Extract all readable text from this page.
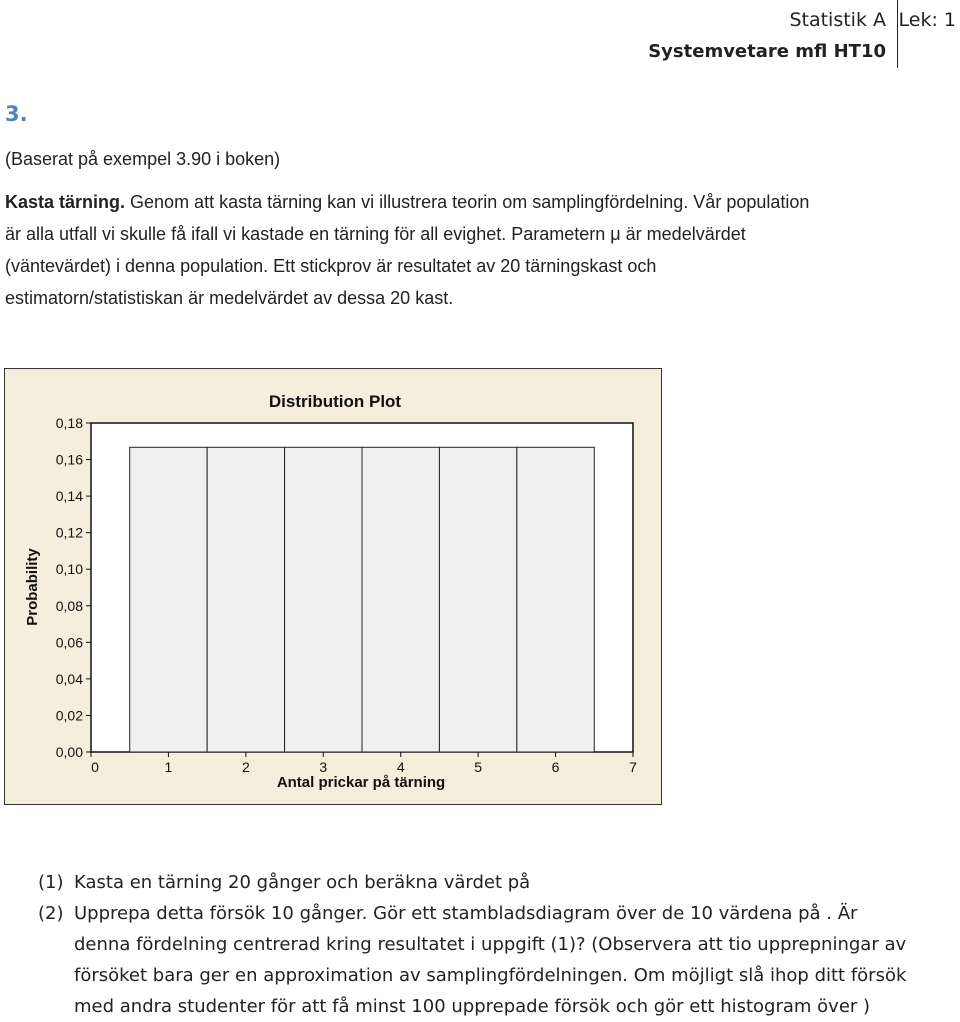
Statistik A
Systemvetare mfl HT10
Lek: 1
3.
(Baserat på exempel 3.90 i boken)
Kasta tärning. Genom att kasta tärning kan vi illustrera teorin om samplingfördelning. Vår population
är alla utfall vi skulle få ifall vi kastade en tärning för all evighet. Parametern μ är medelvärdet
(väntevärdet) i denna population. Ett stickprov är resultatet av 20 tärningskast och
estimatorn/statistiskan är medelvärdet av dessa 20 kast.
Distribution Plot
Probability
Antal prickar på tärning
0,00
0,02
0,04
0,06
0,08
0,10
0,12
0,14
0,16
0,18
0	1	2	3	4	5	6	7
(1) Kasta en tärning 20 gånger och beräkna värdet på
(2) Upprepa detta försök 10 gånger. Gör ett stambladsdiagram över de 10 värdena på . Är
denna fördelning centrerad kring resultatet i uppgift (1)? (Observera att tio upprepningar av
försöket bara ger en approximation av samplingfördelningen. Om möjligt slå ihop ditt försök
med andra studenter för att få minst 100 upprepade försök och gör ett histogram över )
